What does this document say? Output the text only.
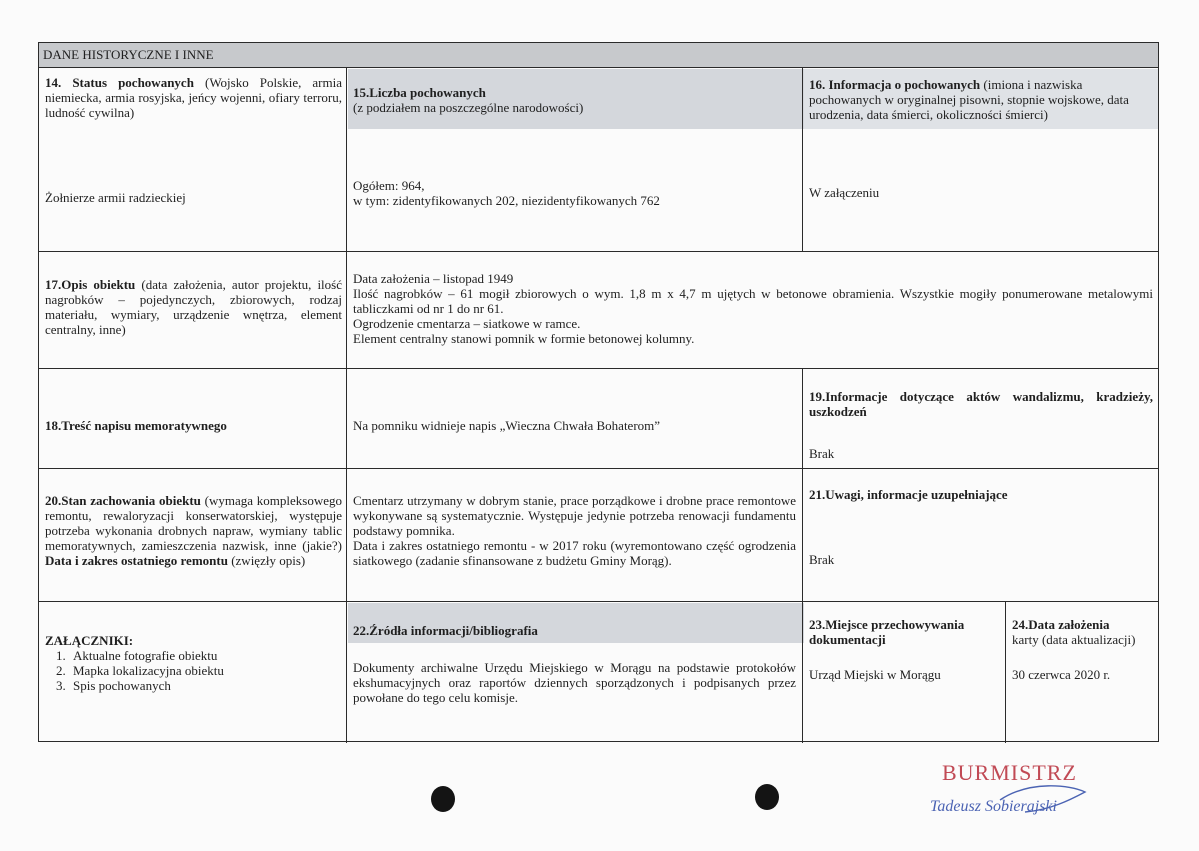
DANE HISTORYCZNE I INNE
14. Status pochowanych (Wojsko Polskie, armia niemiecka, armia rosyjska, jeńcy wojenni, ofiary terroru, ludność cywilna)
Żołnierze armii radzieckiej
15.Liczba pochowanych
(z podziałem na poszczególne narodowości)
Ogółem: 964,
w tym: zidentyfikowanych 202, niezidentyfikowanych 762
16. Informacja o pochowanych (imiona i nazwiska pochowanych w oryginalnej pisowni, stopnie wojskowe, data urodzenia, data śmierci, okoliczności śmierci)
W załączeniu
17.Opis obiektu (data założenia, autor projektu, ilość nagrobków – pojedynczych, zbiorowych, rodzaj materiału, wymiary, urządzenie wnętrza, element centralny, inne)
Data założenia – listopad 1949
Ilość nagrobków – 61 mogił zbiorowych o wym. 1,8 m x 4,7 m ujętych w betonowe obramienia. Wszystkie mogiły ponumerowane metalowymi tabliczkami od nr 1 do nr 61.
Ogrodzenie cmentarza – siatkowe w ramce.
Element centralny stanowi pomnik w formie betonowej kolumny.
18.Treść napisu memoratywnego	Na pomniku widnieje napis „Wieczna Chwała Bohaterom”
19.Informacje dotyczące aktów wandalizmu, kradzieży, uszkodzeń
Brak
20.Stan zachowania obiektu (wymaga kompleksowego remontu, rewaloryzacji konserwatorskiej, występuje potrzeba wykonania drobnych napraw, wymiany tablic memoratywnych, zamieszczenia nazwisk, inne (jakie?) Data i zakres ostatniego remontu (zwięzły opis)
Cmentarz utrzymany w dobrym stanie, prace porządkowe i drobne prace remontowe wykonywane są systematycznie. Występuje jedynie potrzeba renowacji fundamentu podstawy pomnika.
Data i zakres ostatniego remontu - w 2017 roku (wyremontowano część ogrodzenia siatkowego (zadanie sfinansowane z budżetu Gminy Morąg).
21.Uwagi, informacje uzupełniające
Brak
ZAŁĄCZNIKI:
1. Aktualne fotografie obiektu
2. Mapka lokalizacyjna obiektu
3. Spis pochowanych
22.Źródła informacji/bibliografia
Dokumenty archiwalne Urzędu Miejskiego w Morągu na podstawie protokołów ekshumacyjnych oraz raportów dziennych sporządzonych i podpisanych przez powołane do tego celu komisje.
23.Miejsce przechowywania dokumentacji
Urząd Miejski w Morągu
24.Data założenia
karty (data aktualizacji)
30 czerwca 2020 r.
BURMISTRZ
Tadeusz Sobierajski
